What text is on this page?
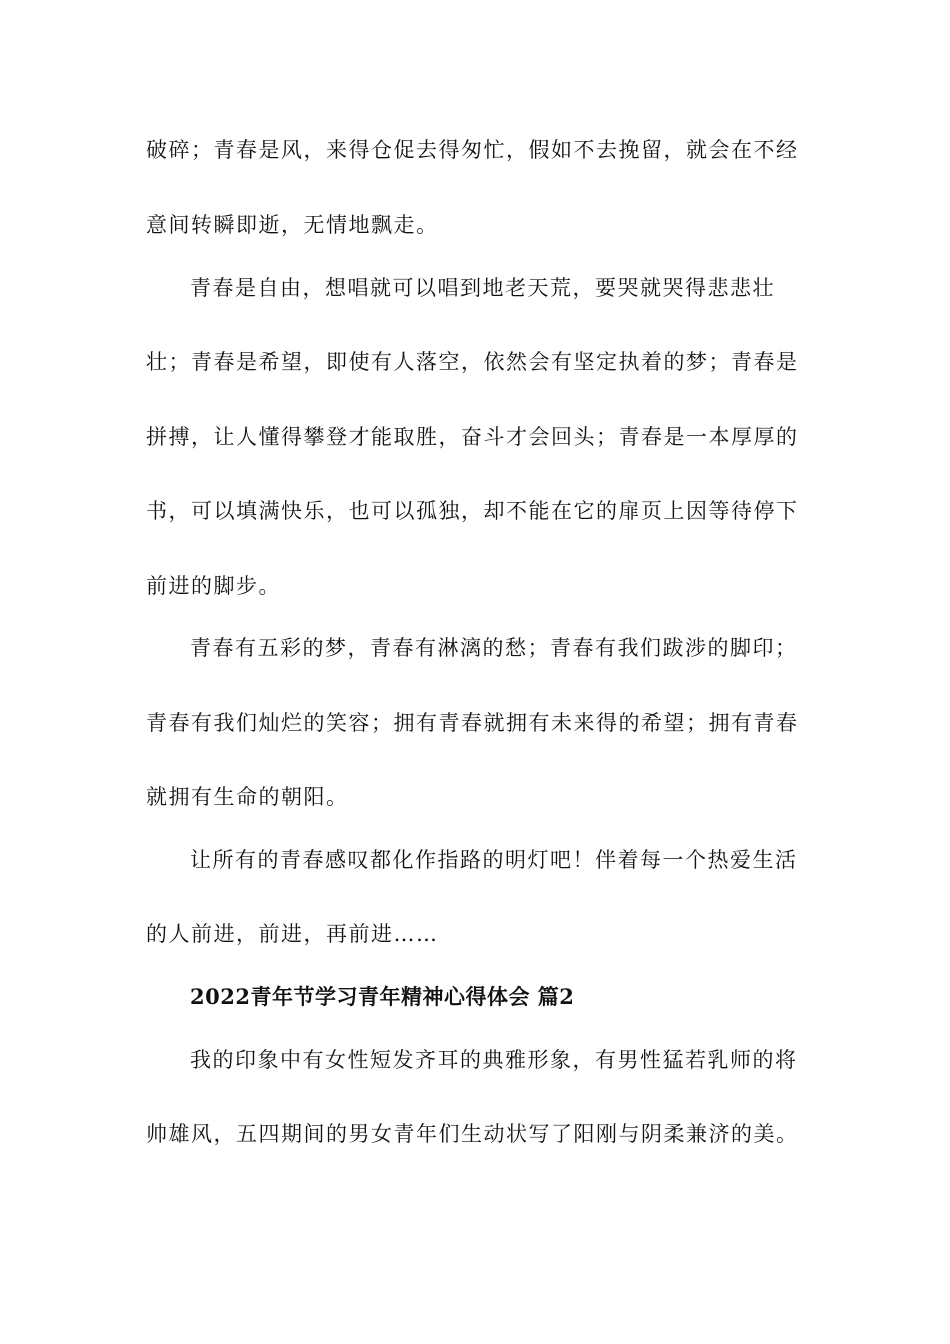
破碎；青春是风，来得仓促去得匆忙，假如不去挽留，就会在不经
意间转瞬即逝，无情地飘走。
青春是自由，想唱就可以唱到地老天荒，要哭就哭得悲悲壮
壮；青春是希望，即使有人落空，依然会有坚定执着的梦；青春是
拼搏，让人懂得攀登才能取胜，奋斗才会回头；青春是一本厚厚的
书，可以填满快乐，也可以孤独，却不能在它的扉页上因等待停下
前进的脚步。
青春有五彩的梦，青春有淋漓的愁；青春有我们跋涉的脚印；
青春有我们灿烂的笑容；拥有青春就拥有未来得的希望；拥有青春
就拥有生命的朝阳。
让所有的青春感叹都化作指路的明灯吧！伴着每一个热爱生活
的人前进，前进，再前进……
2022青年节学习青年精神心得体会 篇2
我的印象中有女性短发齐耳的典雅形象，有男性猛若乳师的将
帅雄风，五四期间的男女青年们生动状写了阳刚与阴柔兼济的美。
